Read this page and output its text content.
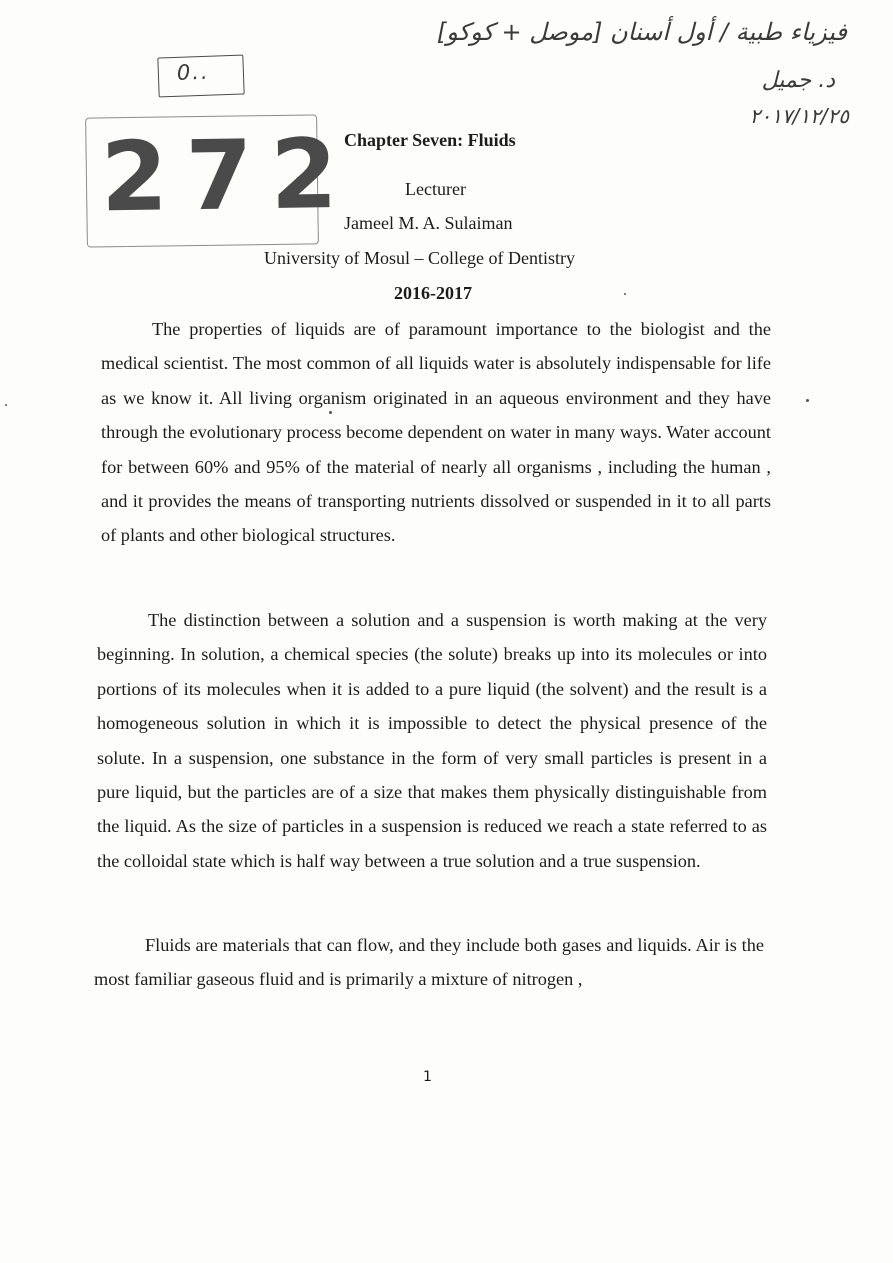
فيزياء طبية / أول أسنان [موصل + كوكو]
د. جميل
٢٠١٧/١٢/٢٥
0..
272
Chapter Seven: Fluids
Lecturer
Jameel M. A. Sulaiman
University of Mosul – College of Dentistry
2016-2017

The properties of liquids are of paramount importance to the biologist and the medical scientist. The most common of all liquids water is absolutely indispensable for life as we know it. All living organism originated in an aqueous environment and they have through the evolutionary process become dependent on water in many ways. Water account for between 60% and 95% of the material of nearly all organisms , including the human , and it provides the means of transporting nutrients dissolved or suspended in it to all parts of plants and other biological structures.

The distinction between a solution and a suspension is worth making at the very beginning. In solution, a chemical species (the solute) breaks up into its molecules or into portions of its molecules when it is added to a pure liquid (the solvent) and the result is a homogeneous solution in which it is impossible to detect the physical presence of the solute. In a suspension, one substance in the form of very small particles is present in a pure liquid, but the particles are of a size that makes them physically distinguishable from the liquid. As the size of particles in a suspension is reduced we reach a state referred to as the colloidal state which is half way between a true solution and a true suspension.

Fluids are materials that can flow, and they include both gases and liquids. Air is the most familiar gaseous fluid and is primarily a mixture of nitrogen ,

1
